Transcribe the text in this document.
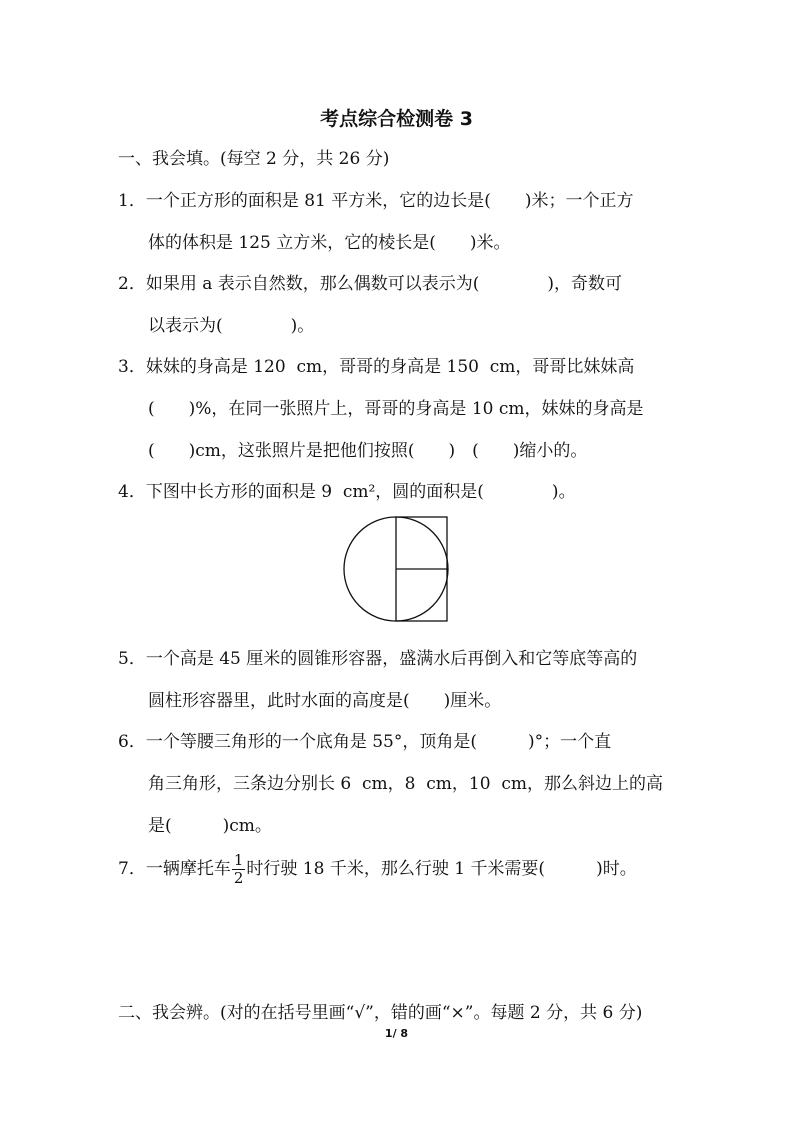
考点综合检测卷 3
一、我会填。(每空 2 分，共 26 分)
1．一个正方形的面积是 81 平方米，它的边长是(　　)米；一个正方
体的体积是 125 立方米，它的棱长是(　　)米。
2．如果用 a 表示自然数，那么偶数可以表示为(　　　　)，奇数可
以表示为(　　　　)。
3．妹妹的身高是 120  cm，哥哥的身高是 150  cm，哥哥比妹妹高
(　　)%，在同一张照片上，哥哥的身高是 10 cm，妹妹的身高是
(　　)cm，这张照片是把他们按照(　　)　(　　)缩小的。
4．下图中长方形的面积是 9  cm²，圆的面积是(　　　　)。
5．一个高是 45 厘米的圆锥形容器，盛满水后再倒入和它等底等高的
圆柱形容器里，此时水面的高度是(　　)厘米。
6．一个等腰三角形的一个底角是 55°，顶角是(　　　)°；一个直
角三角形，三条边分别长 6  cm，8  cm，10  cm，那么斜边上的高
是(　　　)cm。
7．一辆摩托车 $\frac{1}{2}$ 时行驶 18 千米，那么行驶 1 千米需要(　　　)时。
二、我会辨。(对的在括号里画“√”，错的画“×”。每题 2 分，共 6 分)
1/ 8
